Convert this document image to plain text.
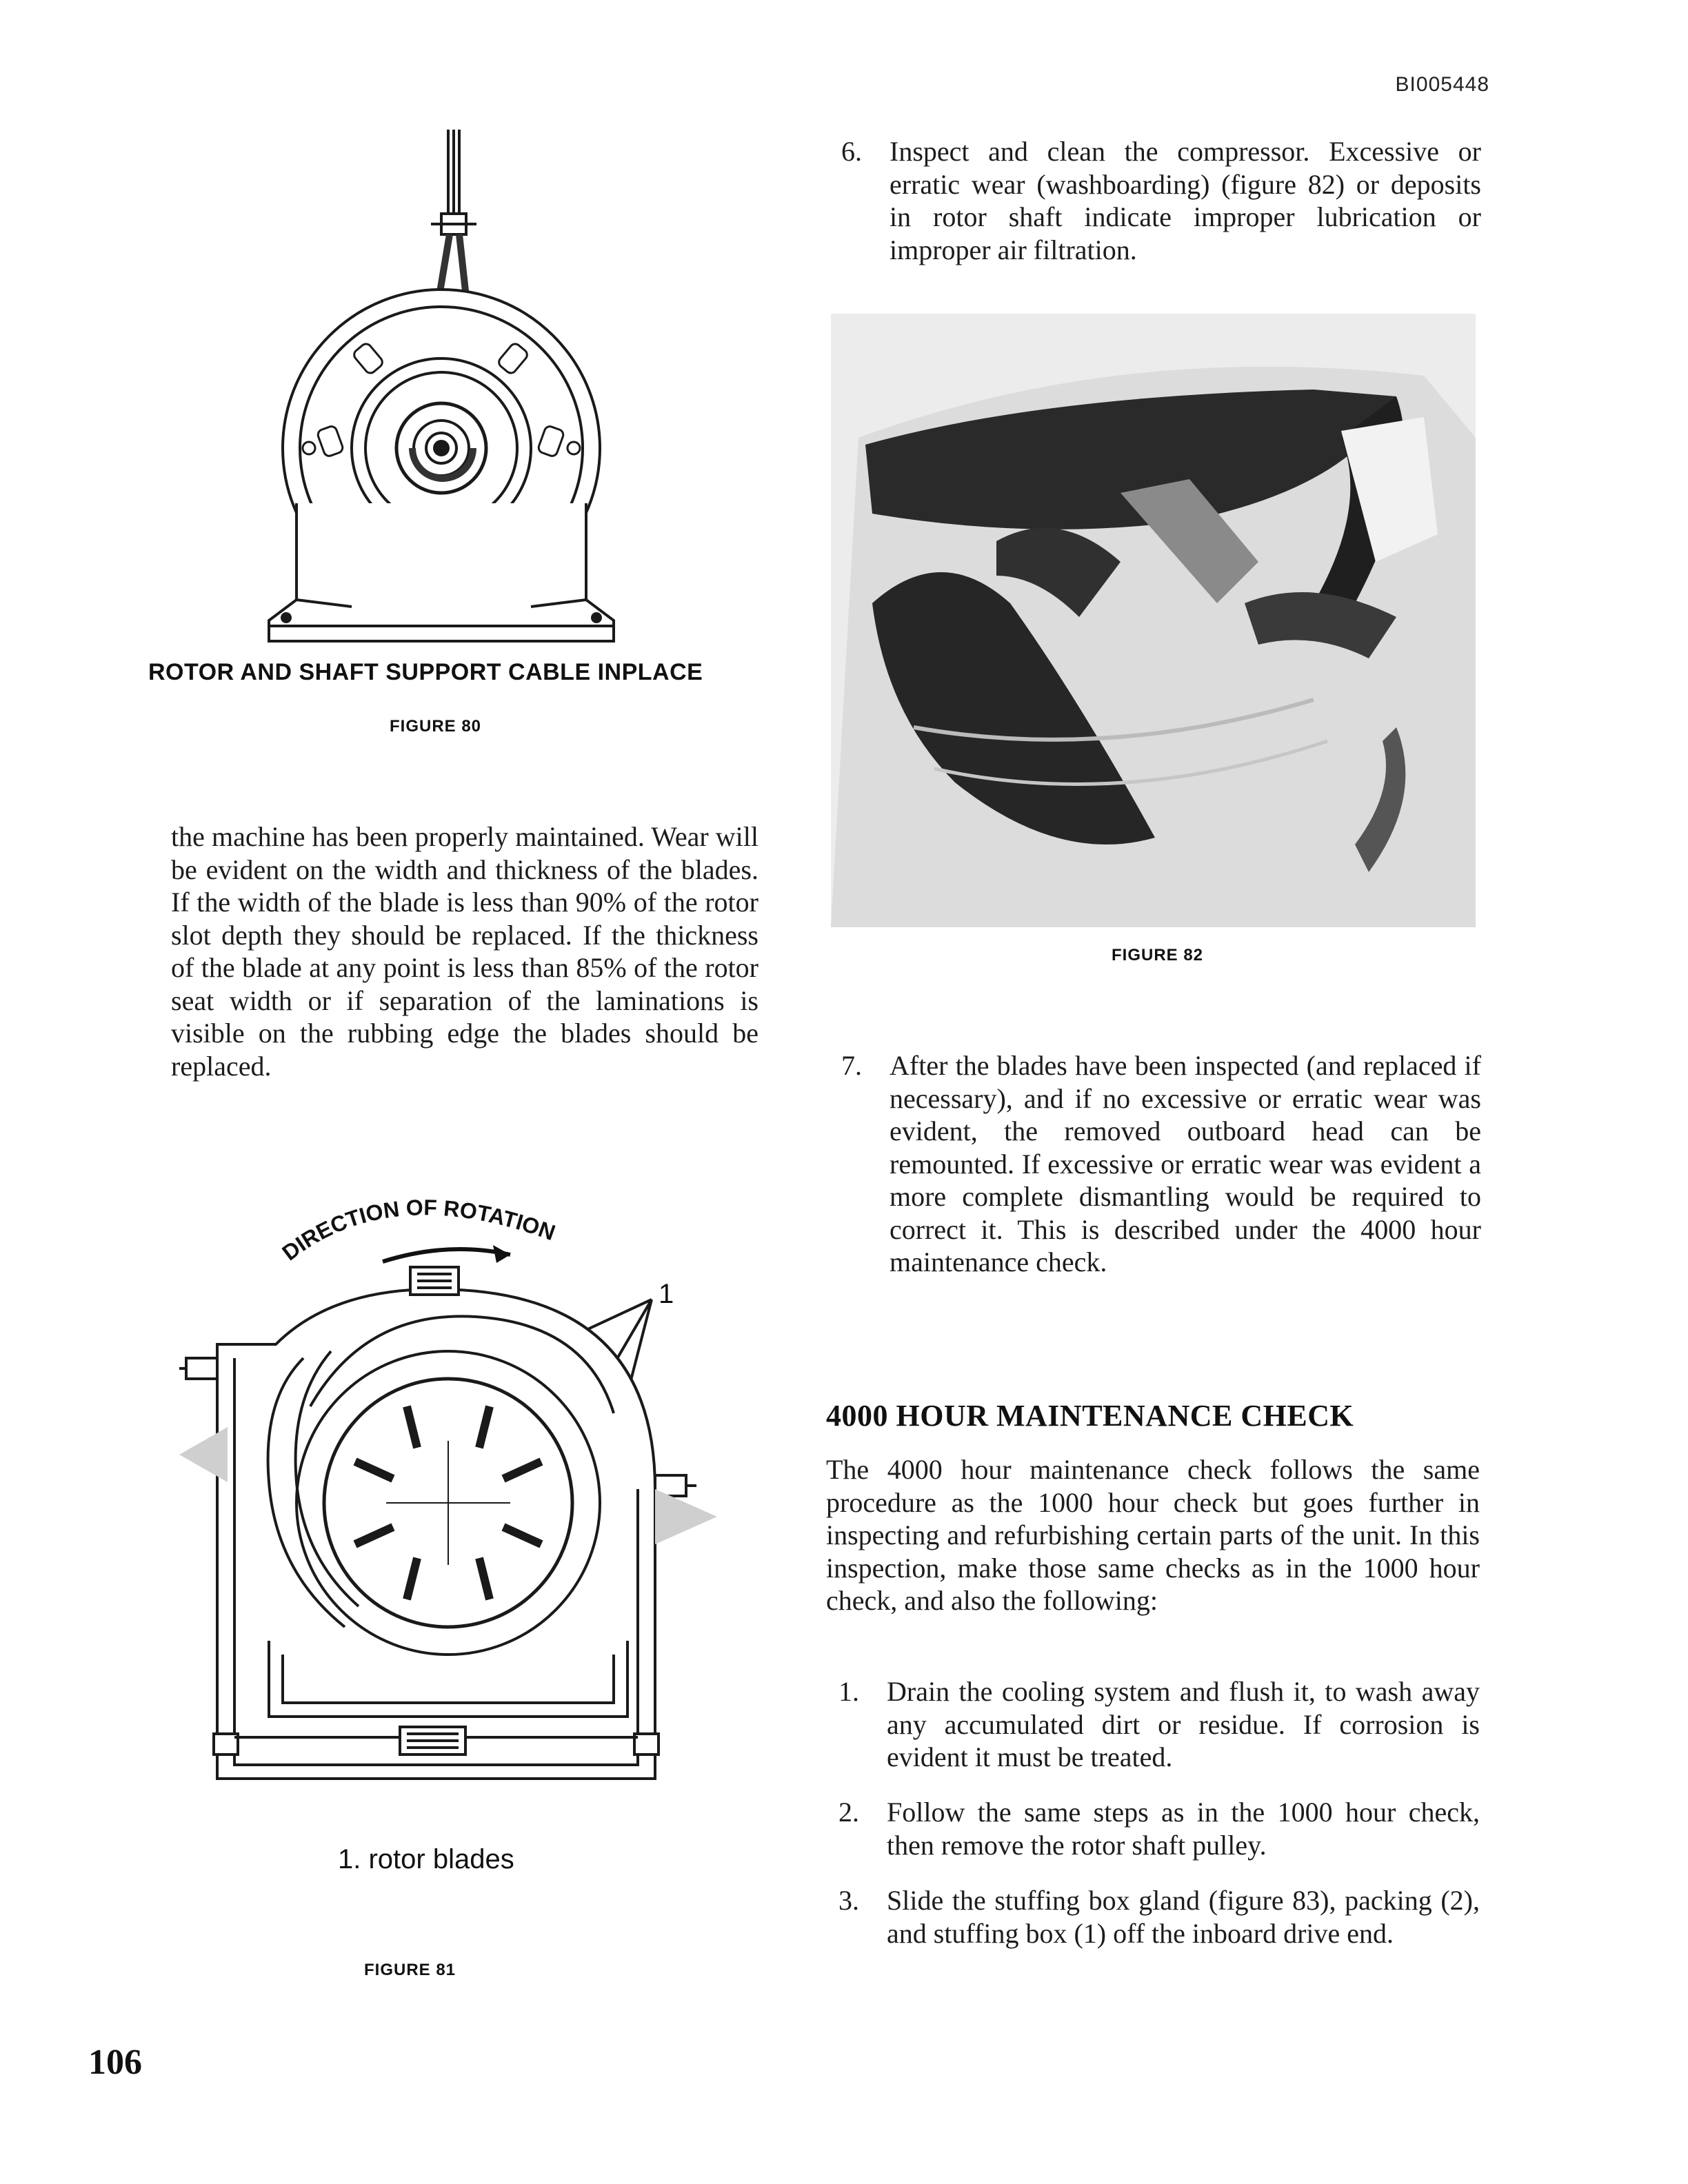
BI005448
ROTOR AND SHAFT SUPPORT CABLE INPLACE
FIGURE 80
the machine has been properly maintained. Wear will be evident on the width and thickness of the blades. If the width of the blade is less than 90% of the rotor slot depth they should be replaced. If the thickness of the blade at any point is less than 85% of the rotor seat width or if separation of the laminations is visible on the rubbing edge the blades should be replaced.
DIRECTION OF ROTATION
1
1. rotor blades
FIGURE 81
6.	Inspect and clean the compressor. Excessive or erratic wear (washboarding) (figure 82) or deposits in rotor shaft indicate improper lubrication or improper air filtration.
FIGURE 82
7.	After the blades have been inspected (and replaced if necessary), and if no excessive or erratic wear was evident, the removed outboard head can be remounted. If excessive or erratic wear was evident a more complete dismantling would be required to correct it. This is described under the 4000 hour maintenance check.
4000 HOUR MAINTENANCE CHECK
The 4000 hour maintenance check follows the same procedure as the 1000 hour check but goes further in inspecting and refurbishing certain parts of the unit. In this inspection, make those same checks as in the 1000 hour check, and also the following:
1.	Drain the cooling system and flush it, to wash away any accumulated dirt or residue. If corrosion is evident it must be treated.
2.	Follow the same steps as in the 1000 hour check, then remove the rotor shaft pulley.
3.	Slide the stuffing box gland (figure 83), packing (2), and stuffing box (1) off the inboard drive end.
106
